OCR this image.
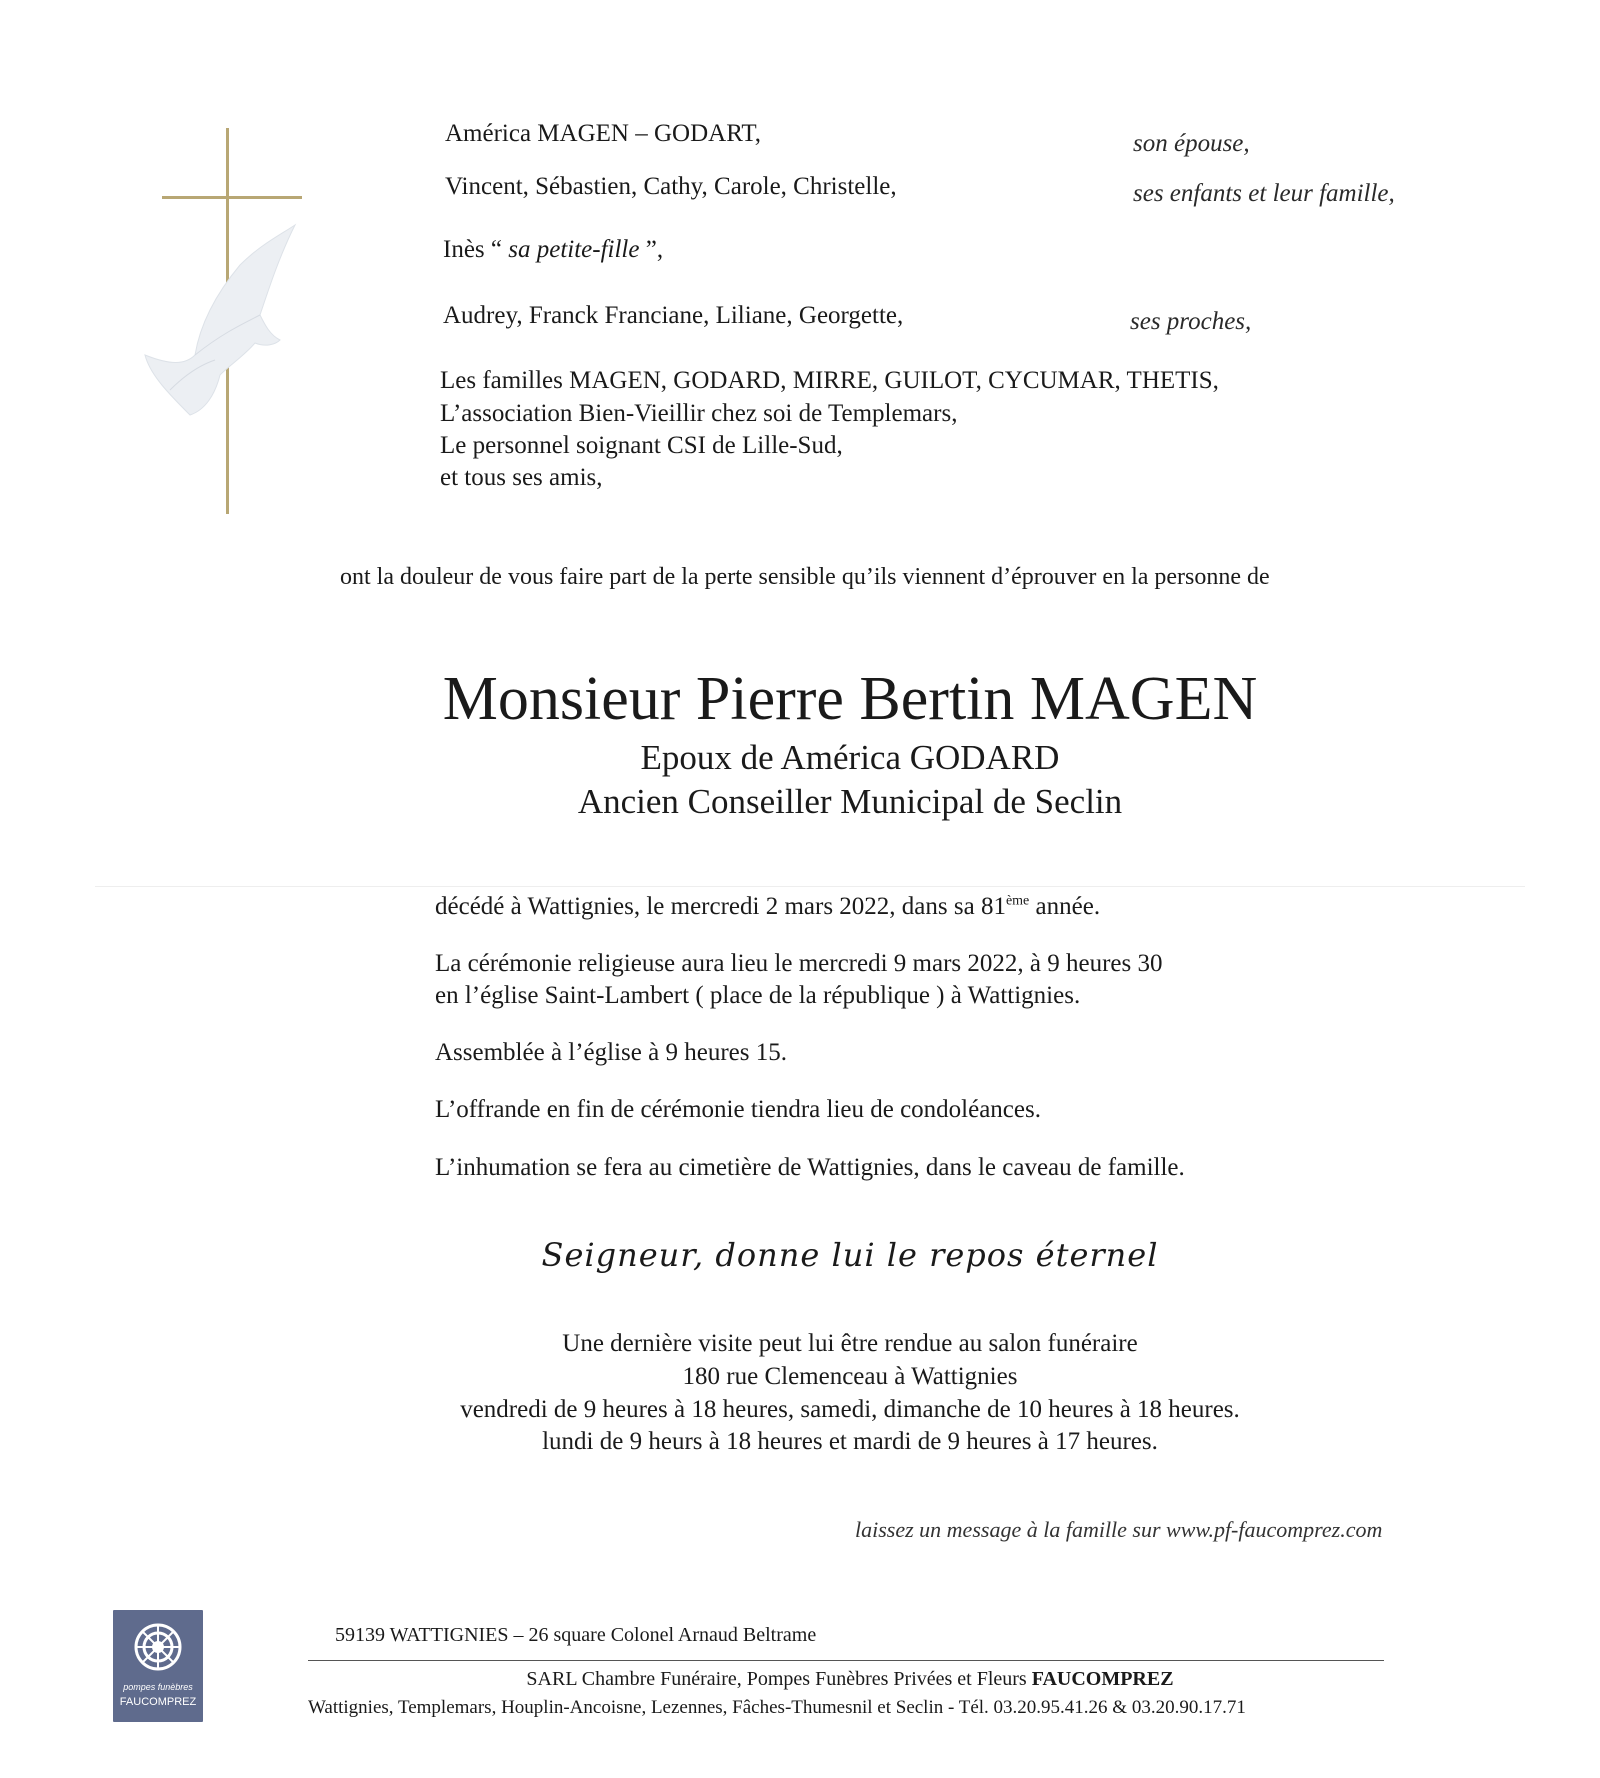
América MAGEN – GODART,	son épouse,
Vincent, Sébastien, Cathy, Carole, Christelle,	ses enfants et leur famille,
Inès “ sa petite-fille ”,
Audrey, Franck Franciane, Liliane, Georgette,	ses proches,
Les familles MAGEN, GODARD, MIRRE, GUILOT, CYCUMAR, THETIS,
L’association Bien-Vieillir chez soi de Templemars,
Le personnel soignant CSI de Lille-Sud,
et tous ses amis,
ont la douleur de vous faire part de la perte sensible qu’ils viennent d’éprouver en la personne de
Monsieur Pierre Bertin MAGEN
Epoux de América GODARD
Ancien Conseiller Municipal de Seclin
décédé à Wattignies, le mercredi 2 mars 2022, dans sa 81ème année.
La cérémonie religieuse aura lieu le mercredi 9 mars 2022, à 9 heures 30
en l’église Saint-Lambert ( place de la république ) à Wattignies.
Assemblée à l’église à 9 heures 15.
L’offrande en fin de cérémonie tiendra lieu de condoléances.
L’inhumation se fera au cimetière de Wattignies, dans le caveau de famille.
Seigneur, donne lui le repos éternel
Une dernière visite peut lui être rendue au salon funéraire
180 rue Clemenceau à Wattignies
vendredi de 9 heures à 18 heures, samedi, dimanche de 10 heures à 18 heures.
lundi de 9 heurs à 18 heures et mardi de 9 heures à 17 heures.
laissez un message à la famille sur www.pf-faucomprez.com
pompes funèbres
FAUCOMPREZ
59139 WATTIGNIES – 26 square Colonel Arnaud Beltrame
SARL Chambre Funéraire, Pompes Funèbres Privées et Fleurs FAUCOMPREZ
Wattignies, Templemars, Houplin-Ancoisne, Lezennes, Fâches-Thumesnil et Seclin - Tél. 03.20.95.41.26 & 03.20.90.17.71
